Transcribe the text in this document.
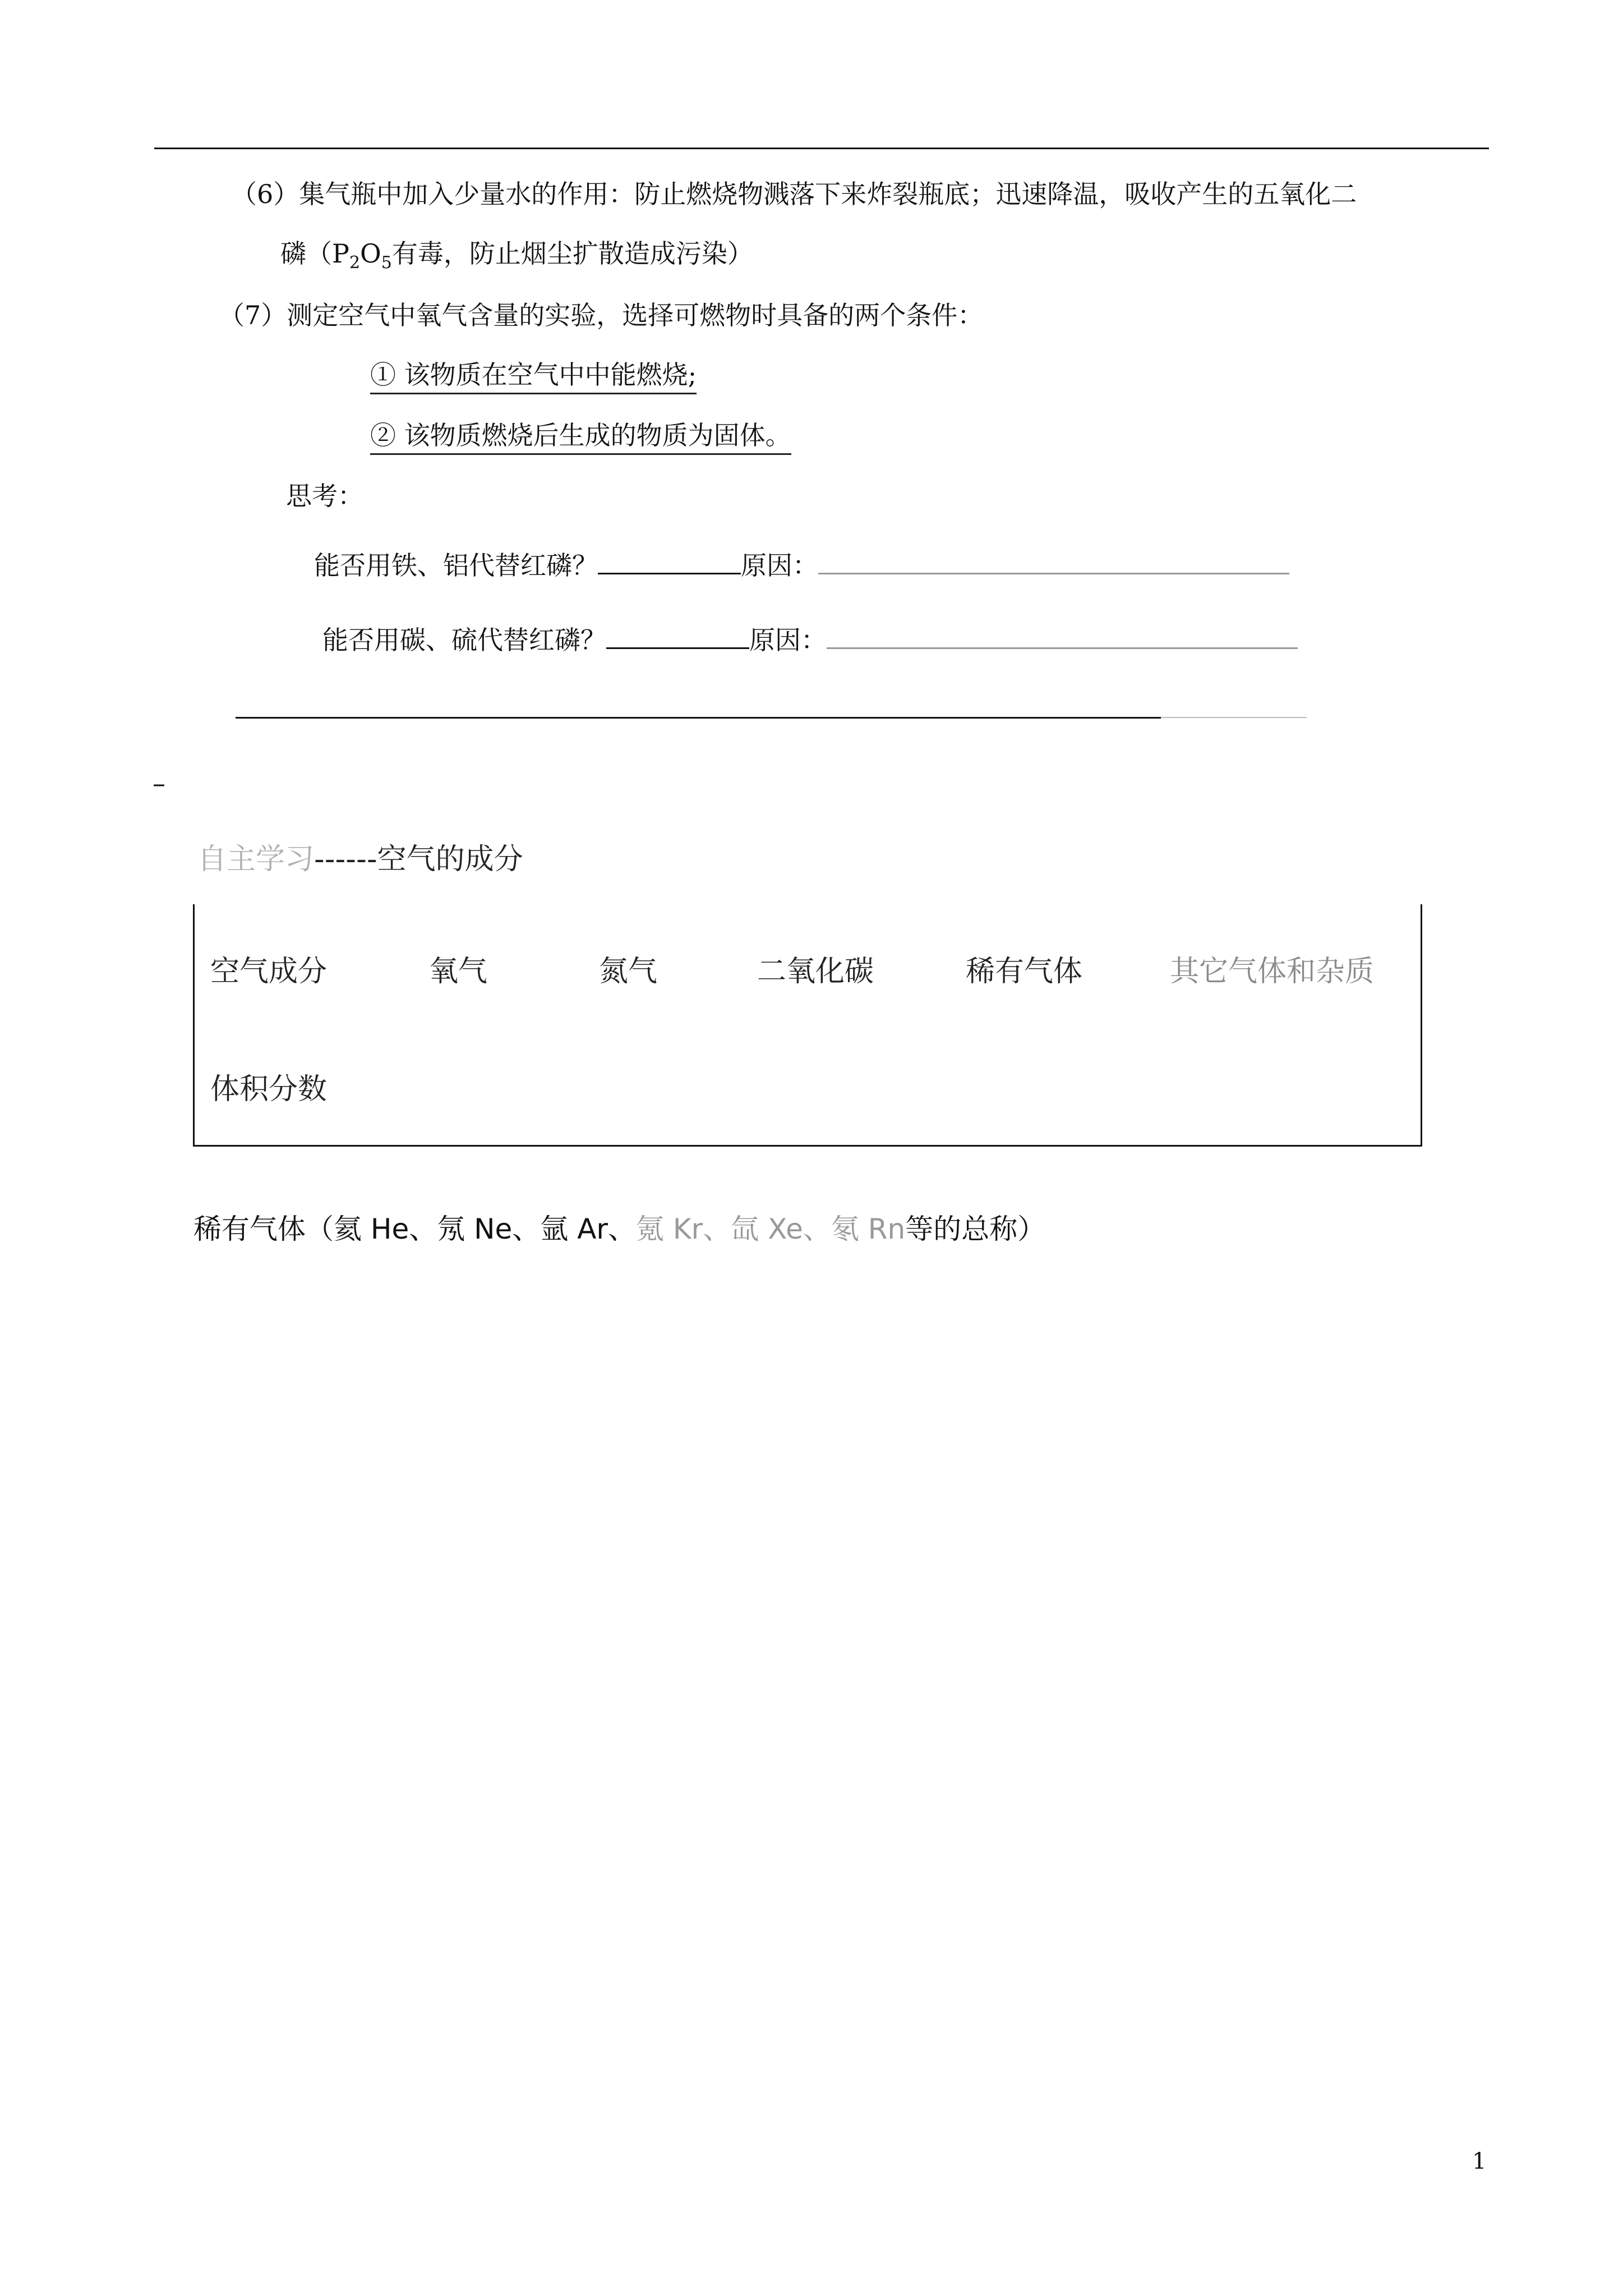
（6）集气瓶中加入少量水的作用：防止燃烧物溅落下来炸裂瓶底；迅速降温，吸收产生的五氧化二
磷（$P_2O_5$有毒，防止烟尘扩散造成污染）
（7）测定空气中氧气含量的实验，选择可燃物时具备的两个条件：
① 该物质在空气中中能燃烧;
② 该物质燃烧后生成的物质为固体。
思考：
能否用铁、铝代替红磷？	原因：
能否用碳、硫代替红磷？	原因：
–
自主学习------空气的成分
空气成分	氧气	氮气	二氧化碳	稀有气体	其它气体和杂质
体积分数
稀有气体（氦 He、氖 Ne、氩 Ar、氪 Kr、氙 Xe、氡 Rn等的总称）
1
